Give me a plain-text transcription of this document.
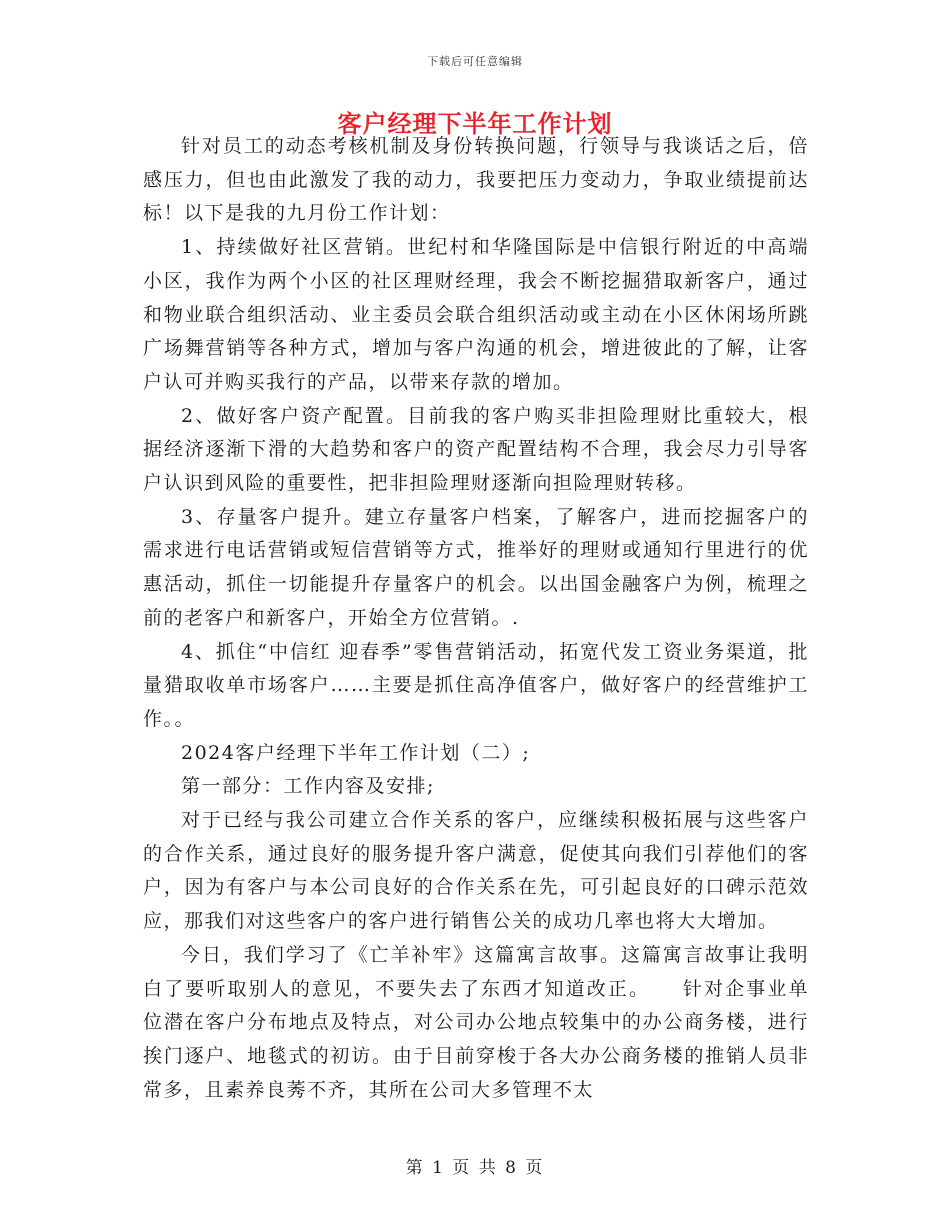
下载后可任意编辑
客户经理下半年工作计划

针对员工的动态考核机制及身份转换问题，行领导与我谈话之后，倍感压力，但也由此激发了我的动力，我要把压力变动力，争取业绩提前达标！以下是我的九月份工作计划：

1、持续做好社区营销。世纪村和华隆国际是中信银行附近的中高端小区，我作为两个小区的社区理财经理，我会不断挖掘猎取新客户，通过和物业联合组织活动、业主委员会联合组织活动或主动在小区休闲场所跳广场舞营销等各种方式，增加与客户沟通的机会，增进彼此的了解，让客户认可并购买我行的产品，以带来存款的增加。

2、做好客户资产配置。目前我的客户购买非担险理财比重较大，根据经济逐渐下滑的大趋势和客户的资产配置结构不合理，我会尽力引导客户认识到风险的重要性，把非担险理财逐渐向担险理财转移。

3、存量客户提升。建立存量客户档案，了解客户，进而挖掘客户的需求进行电话营销或短信营销等方式，推举好的理财或通知行里进行的优惠活动，抓住一切能提升存量客户的机会。以出国金融客户为例，梳理之前的老客户和新客户，开始全方位营销。.

4、抓住“中信红 迎春季”零售营销活动，拓宽代发工资业务渠道，批量猎取收单市场客户……主要是抓住高净值客户，做好客户的经营维护工作。。

2024客户经理下半年工作计划（二）;

第一部分：工作内容及安排;

对于已经与我公司建立合作关系的客户，应继续积极拓展与这些客户的合作关系，通过良好的服务提升客户满意，促使其向我们引荐他们的客户，因为有客户与本公司良好的合作关系在先，可引起良好的口碑示范效应，那我们对这些客户的客户进行销售公关的成功几率也将大大增加。

今日，我们学习了《亡羊补牢》这篇寓言故事。这篇寓言故事让我明白了要听取别人的意见，不要失去了东西才知道改正。　　针对企事业单位潜在客户分布地点及特点，对公司办公地点较集中的办公商务楼，进行挨门逐户、地毯式的初访。由于目前穿梭于各大办公商务楼的推销人员非常多，且素养良莠不齐，其所在公司大多管理不太

第 1 页 共 8 页
